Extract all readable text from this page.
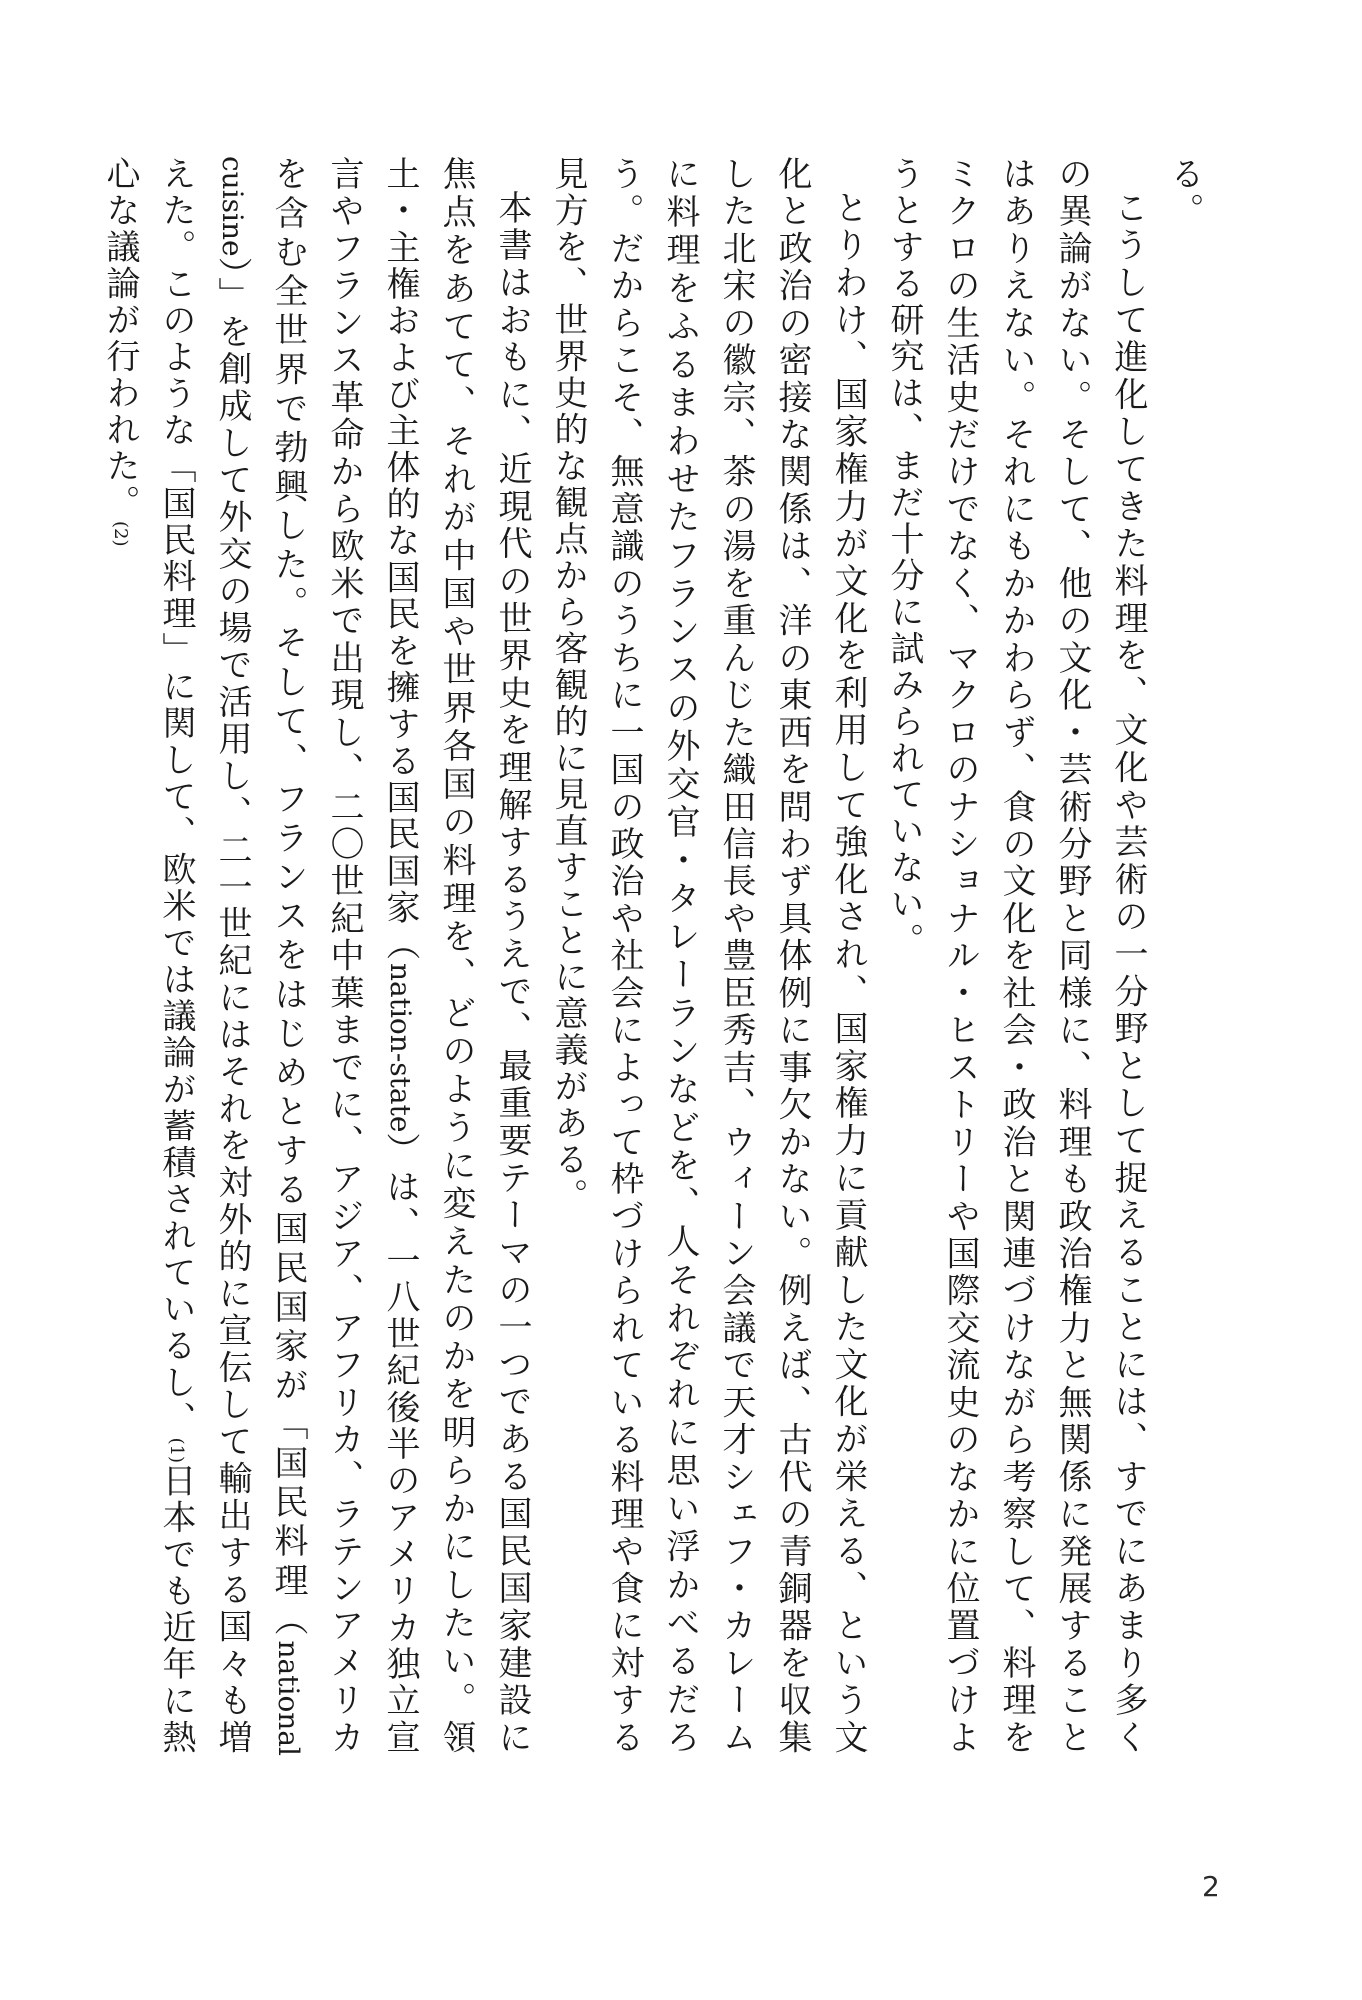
る。

こうして進化してきた料理を、文化や芸術の一分野として捉えることには、すでにあまり多くの異論がない。そして、他の文化・芸術分野と同様に、料理も政治権力と無関係に発展することはありえない。それにもかかわらず、食の文化を社会・政治と関連づけながら考察して、料理をミクロの生活史だけでなく、マクロのナショナル・ヒストリーや国際交流史のなかに位置づけようとする研究は、まだ十分に試みられていない。

とりわけ、国家権力が文化を利用して強化され、国家権力に貢献した文化が栄える、という文化と政治の密接な関係は、洋の東西を問わず具体例に事欠かない。例えば、古代の青銅器を収集した北宋の徽宗、茶の湯を重んじた織田信長や豊臣秀吉、ウィーン会議で天才シェフ・カレームに料理をふるまわせたフランスの外交官・タレーランなどを、人それぞれに思い浮かべるだろう。だからこそ、無意識のうちに一国の政治や社会によって枠づけられている料理や食に対する見方を、世界史的な観点から客観的に見直すことに意義がある。

本書はおもに、近現代の世界史を理解するうえで、最重要テーマの一つである国民国家建設に焦点をあてて、それが中国や世界各国の料理を、どのように変えたのかを明らかにしたい。領土・主権および主体的な国民を擁する国民国家（nation-state）は、一八世紀後半のアメリカ独立宣言やフランス革命から欧米で出現し、二〇世紀中葉までに、アジア、アフリカ、ラテンアメリカを含む全世界で勃興した。そして、フランスをはじめとする国民国家が「国民料理（national cuisine）」を創成して外交の場で活用し、二一世紀にはそれを対外的に宣伝して輸出する国々も増えた。このような「国民料理」に関して、欧米では議論が蓄積されているし、(1)日本でも近年に熱心な議論が行われた。(2)

2
